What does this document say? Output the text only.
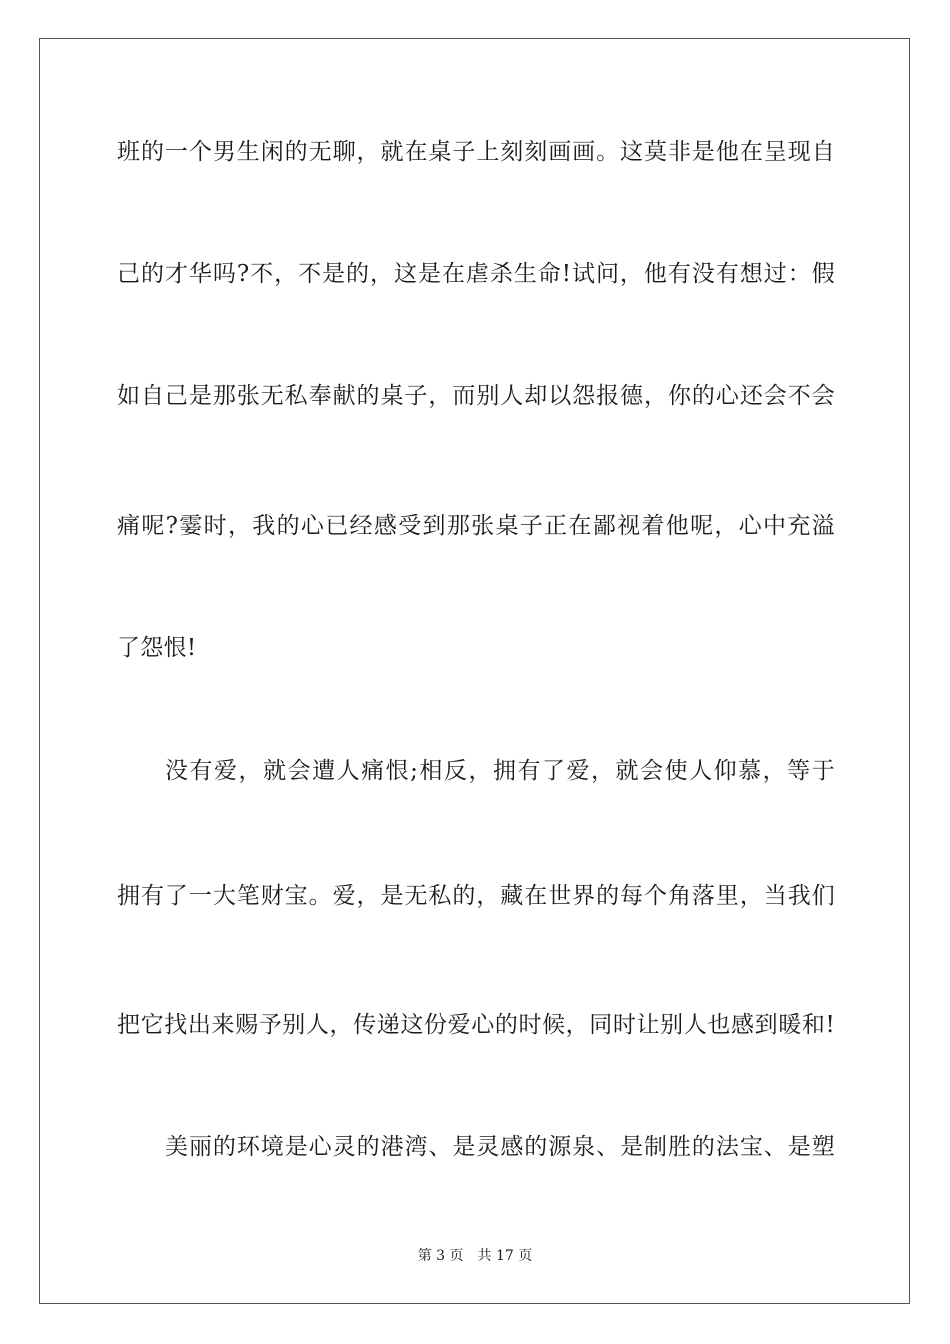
班的一个男生闲的无聊，就在桌子上刻刻画画。这莫非是他在呈现自
己的才华吗?不，不是的，这是在虐杀生命!试问，他有没有想过：假
如自己是那张无私奉献的桌子，而别人却以怨报德，你的心还会不会
痛呢?霎时，我的心已经感受到那张桌子正在鄙视着他呢，心中充溢
了怨恨!
没有爱，就会遭人痛恨;相反，拥有了爱，就会使人仰慕，等于
拥有了一大笔财宝。爱，是无私的，藏在世界的每个角落里，当我们
把它找出来赐予别人，传递这份爱心的时候，同时让别人也感到暖和!
美丽的环境是心灵的港湾、是灵感的源泉、是制胜的法宝、是塑
第 3 页 共 17 页
